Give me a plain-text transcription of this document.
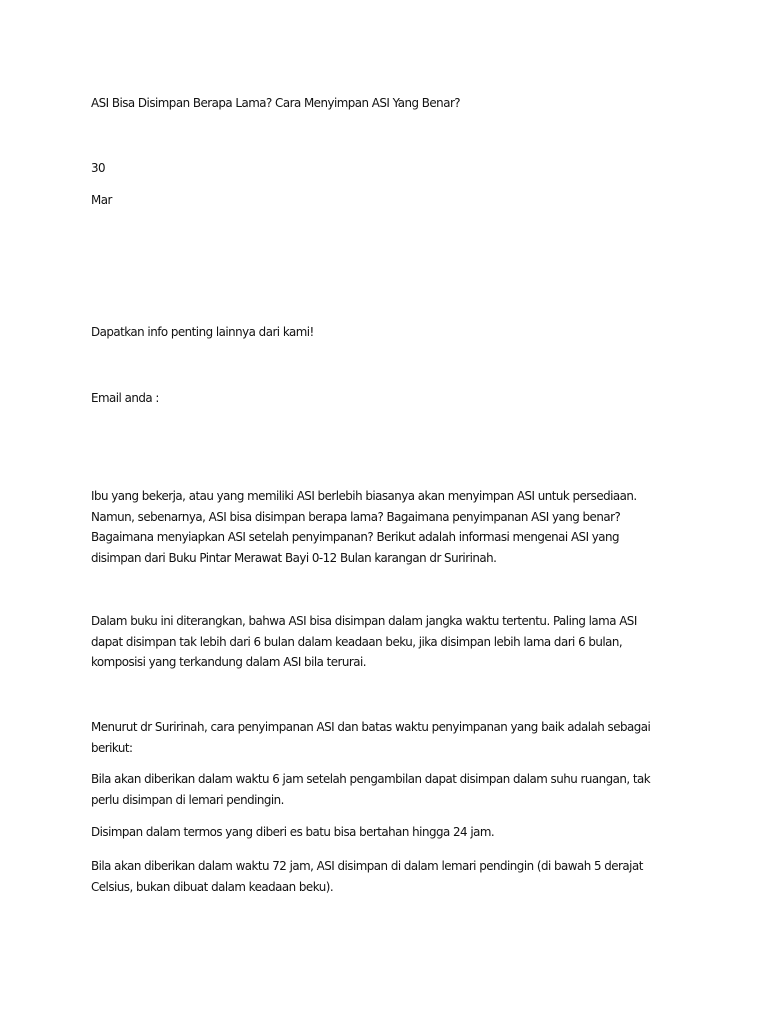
ASI Bisa Disimpan Berapa Lama? Cara Menyimpan ASI Yang Benar?

30

Mar

Dapatkan info penting lainnya dari kami!

Email anda :

Ibu yang bekerja, atau yang memiliki ASI berlebih biasanya akan menyimpan ASI untuk persediaan.
Namun, sebenarnya, ASI bisa disimpan berapa lama? Bagaimana penyimpanan ASI yang benar?
Bagaimana menyiapkan ASI setelah penyimpanan? Berikut adalah informasi mengenai ASI yang
disimpan dari Buku Pintar Merawat Bayi 0-12 Bulan karangan dr Suririnah.
Dalam buku ini diterangkan, bahwa ASI bisa disimpan dalam jangka waktu tertentu. Paling lama ASI
dapat disimpan tak lebih dari 6 bulan dalam keadaan beku, jika disimpan lebih lama dari 6 bulan,
komposisi yang terkandung dalam ASI bila terurai.
Menurut dr Suririnah, cara penyimpanan ASI dan batas waktu penyimpanan yang baik adalah sebagai
berikut:
Bila akan diberikan dalam waktu 6 jam setelah pengambilan dapat disimpan dalam suhu ruangan, tak
perlu disimpan di lemari pendingin.
Disimpan dalam termos yang diberi es batu bisa bertahan hingga 24 jam.
Bila akan diberikan dalam waktu 72 jam, ASI disimpan di dalam lemari pendingin (di bawah 5 derajat
Celsius, bukan dibuat dalam keadaan beku).
